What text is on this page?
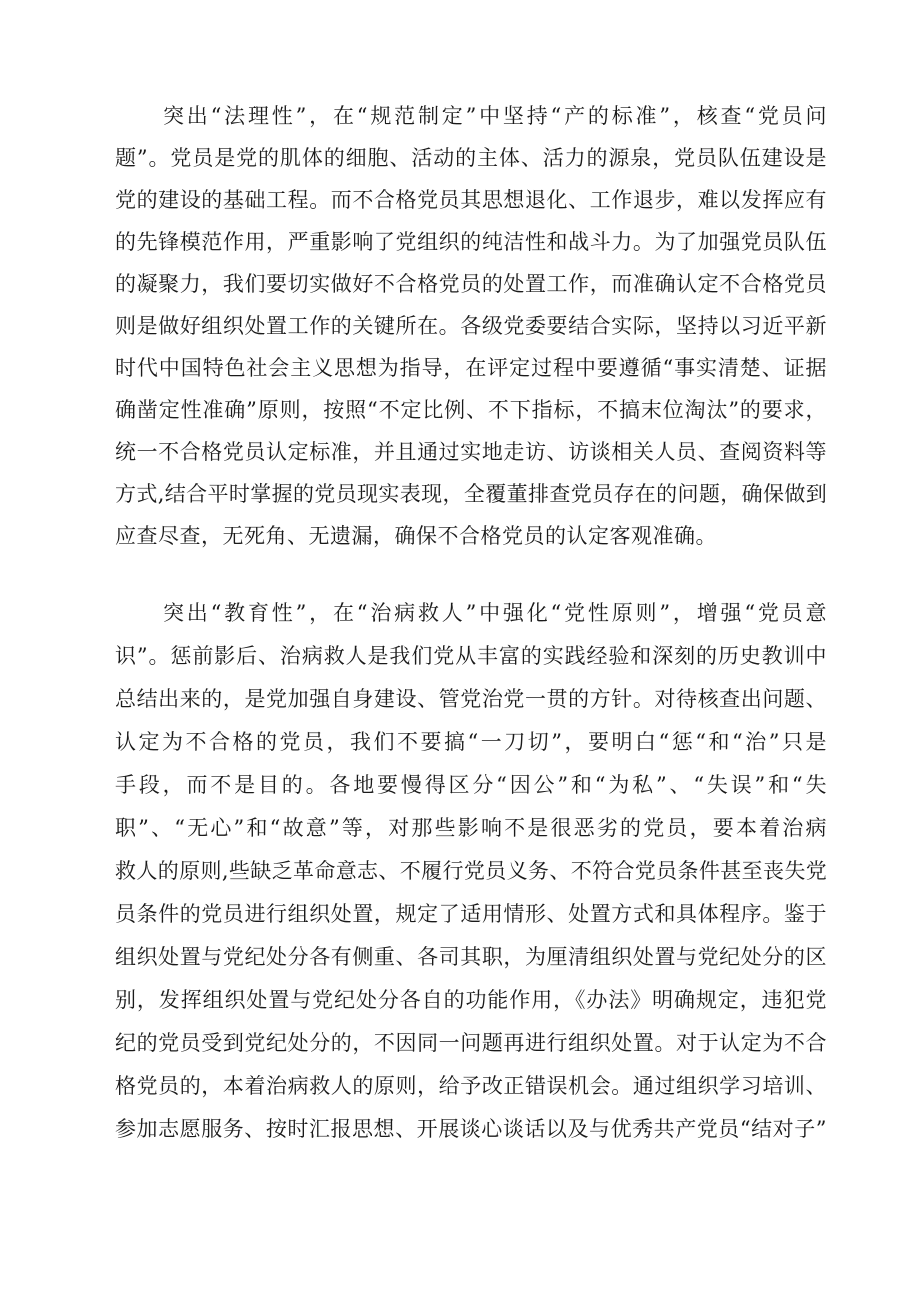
突出“法理性”，在“规范制定”中坚持“产的标准”，核查“党员问

题”。党员是党的肌体的细胞、活动的主体、活力的源泉，党员队伍建设是

党的建设的基础工程。而不合格党员其思想退化、工作退步，难以发挥应有

的先锋模范作用，严重影响了党组织的纯洁性和战斗力。为了加强党员队伍

的凝聚力，我们要切实做好不合格党员的处置工作，而准确认定不合格党员

则是做好组织处置工作的关键所在。各级党委要结合实际，坚持以习近平新

时代中国特色社会主义思想为指导，在评定过程中要遵循“事实清楚、证据

确凿定性准确”原则，按照“不定比例、不下指标，不搞末位淘汰”的要求，

统一不合格党员认定标准，并且通过实地走访、访谈相关人员、查阅资料等

方式,结合平时掌握的党员现实表现，全覆董排查党员存在的问题，确保做到

应查尽查，无死角、无遗漏，确保不合格党员的认定客观准确。

突出“教育性”，在“治病救人”中强化“党性原则”，增强“党员意

识”。惩前影后、治病救人是我们党从丰富的实践经验和深刻的历史教训中

总结出来的，是党加强自身建设、管党治党一贯的方针。对待核查出问题、

认定为不合格的党员，我们不要搞“一刀切”，要明白“惩“和“治”只是

手段，而不是目的。各地要慢得区分“因公”和“为私”、“失误”和“失

职”、“无心”和“故意”等，对那些影响不是很恶劣的党员，要本着治病

救人的原则,些缺乏革命意志、不履行党员义务、不符合党员条件甚至丧失党

员条件的党员进行组织处置，规定了适用情形、处置方式和具体程序。鉴于

组织处置与党纪处分各有侧重、各司其职，为厘清组织处置与党纪处分的区

别，发挥组织处置与党纪处分各自的功能作用，《办法》明确规定，违犯党

纪的党员受到党纪处分的，不因同一问题再进行组织处置。对于认定为不合

格党员的，本着治病救人的原则，给予改正错误机会。通过组织学习培训、

参加志愿服务、按时汇报思想、开展谈心谈话以及与优秀共产党员“结对子”
